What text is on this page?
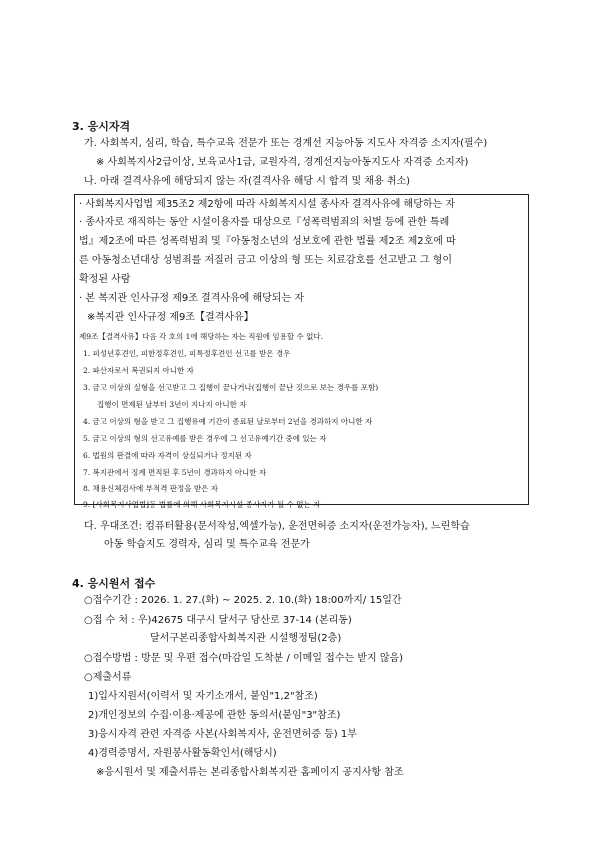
3. 응시자격
가. 사회복지, 심리, 학습, 특수교육 전문가 또는 경계선 지능아동 지도사 자격증 소지자(필수)
※ 사회복지사2급이상, 보육교사1급, 교원자격, 경계선지능아동지도사 자격증 소지자)
나. 아래 결격사유에 해당되지 않는 자(결격사유 해당 시 합격 및 채용 취소)
· 사회복지사업법 제35조2 제2항에 따라 사회복지시설 종사자 결격사유에 해당하는 자
· 종사자로 재직하는 동안 시설이용자를 대상으로『성폭력범죄의 처벌 등에 관한 특례
법』제2조에 따른 성폭력범죄 및『아동청소년의 성보호에 관한 법률 제2조 제2호에 따
른 아동청소년대상 성범죄를 저질러 금고 이상의 형 또는 치료감호를 선고받고 그 형이
확정된 사람
· 본 복지관 인사규정 제9조 결격사유에 해당되는 자
※복지관 인사규정 제9조【결격사유】
제9조【결격사유】다음 각 호의 1에 해당하는 자는 직원에 임용할 수 없다.
1. 피성년후견인, 피한정후견인, 피특정후견인 선고를 받은 경우
2. 파산자로서 복권되지 아니한 자
3. 금고 이상의 실형을 선고받고 그 집행이 끝나거나(집행이 끝난 것으로 보는 경우를 포함)
집행이 면제된 날부터 3년이 지나지 아니한 자
4. 금고 이상의 형을 받고 그 집행유예 기간이 종료된 날로부터 2년을 경과하지 아니한 자
5. 금고 이상의 형의 선고유예를 받은 경우에 그 선고유예기간 중에 있는 자
6. 법원의 판결에 따라 자격이 상실되거나 정지된 자
7. 복지관에서 징계 면직된 후 5년이 경과하지 아니한 자
8. 채용신체검사에 부적격 판정을 받은 자
9. [사회복지사업법]등 법률에 의해 사회복지시설 종사자가 될 수 없는 자
다. 우대조건: 컴퓨터활용(문서작성,엑셀가능), 운전면허증 소지자(운전가능자), 느린학습
아동 학습지도 경력자, 심리 및 특수교육 전문가
4. 응시원서 접수
○접수기간 : 2026. 1. 27.(화) ~ 2025. 2. 10.(화) 18:00까지/ 15일간
○접 수 처 : 우)42675 대구시 달서구 당산로 37-14 (본리동)
달서구본리종합사회복지관 시설행정팀(2층)
○접수방법 : 방문 및 우편 접수(마감일 도착분 / 이메일 접수는 받지 않음)
○제출서류
1)입사지원서(이력서 및 자기소개서, 붙임"1,2"참조)
2)개인정보의 수집·이용·제공에 관한 동의서(붙임"3"참조)
3)응시자격 관련 자격증 사본(사회복지사, 운전면허증 등) 1부
4)경력증명서, 자원봉사활동확인서(해당시)
※응시원서 및 제출서류는 본리종합사회복지관 홈페이지 공지사항 참조
